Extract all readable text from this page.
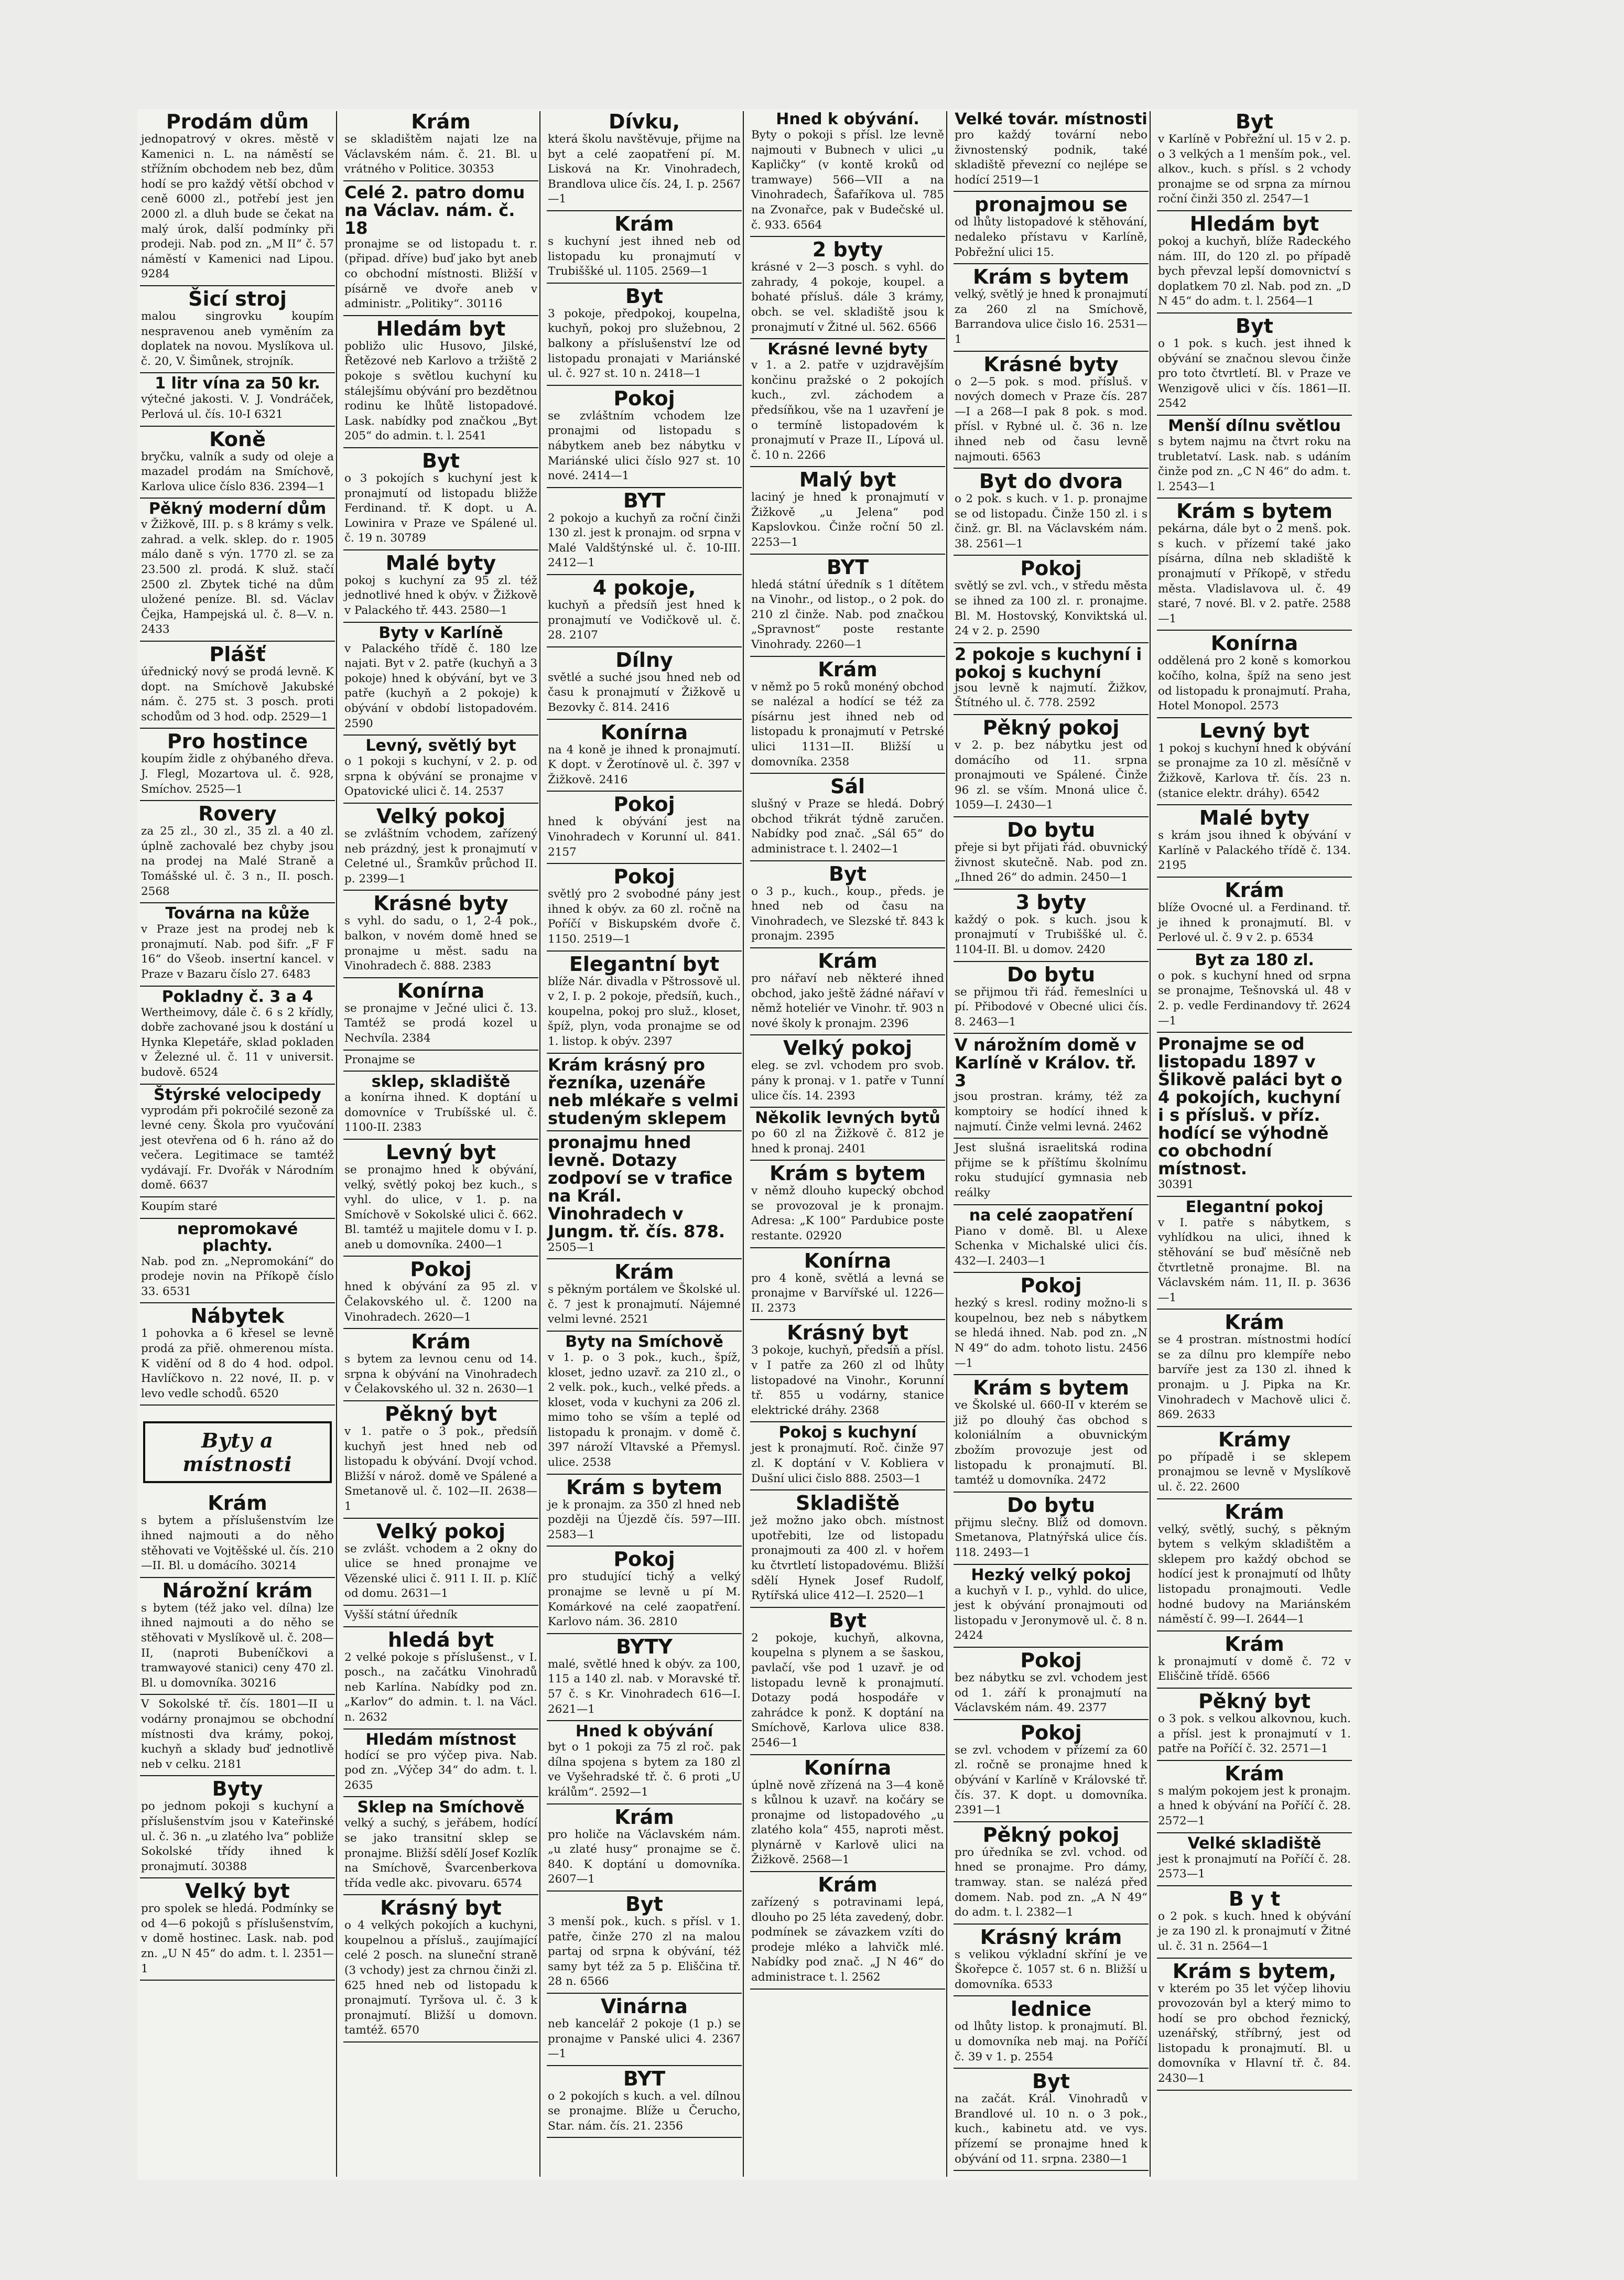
Prodám dům
jednopatrový v okres. městě v Kamenici n. L. na náměstí se střížním obchodem neb bez, dům hodí se pro každý větší obchod v ceně 6000 zl., potřebí jest jen 2000 zl. a dluh bude se čekat na malý úrok, další podmínky při prodeji. Nab. pod zn. „M II“ č. 57 náměstí v Kamenici nad Lipou. 9284
Šicí stroj
malou singrovku koupím nespravenou aneb vyměním za doplatek na novou. Myslíkova ul. č. 20, V. Šimůnek, strojník.
1 litr vína za 50 kr.
výtečné jakosti. V. J. Vondráček, Perlová ul. čís. 10-I 6321
Koně
bryčku, valník a sudy od oleje a mazadel prodám na Smíchově, Karlova ulice číslo 836. 2394—1
Pěkný moderní dům
v Žižkově, III. p. s 8 krámy s velk. zahrad. a velk. sklep. do r. 1905 málo daně s výn. 1770 zl. se za 23.500 zl. prodá. K služ. stačí 2500 zl. Zbytek tiché na dům uložené peníze. Bl. sd. Václav Čejka, Hampejská ul. č. 8—V. n. 2433
Plášť
úřednický nový se prodá levně. K dopt. na Smíchově Jakubské nám. č. 275 st. 3 posch. proti schodům od 3 hod. odp. 2529—1
Pro hostince
koupím židle z ohýbaného dřeva. J. Flegl, Mozartova ul. č. 928, Smíchov. 2525—1
Rovery
za 25 zl., 30 zl., 35 zl. a 40 zl. úplně zachovalé bez chyby jsou na prodej na Malé Straně a Tomášské ul. č. 3 n., II. posch. 2568
Továrna na kůže
v Praze jest na prodej neb k pronajmutí. Nab. pod šifr. „F F 16“ do Všeob. insertní kancel. v Praze v Bazaru číslo 27. 6483
Pokladny č. 3 a 4
Wertheimovy, dále č. 6 s 2 křídly, dobře zachované jsou k dostání u Hynka Klepetáře, sklad pokladen v Železné ul. č. 11 v universit. budově. 6524
Štýrské velocipedy
vyprodám při pokročilé sezoně za levné ceny. Škola pro vyučování jest otevřena od 6 h. ráno až do večera. Legitimace se tamtéž vydávají. Fr. Dvořák v Národním domě. 6637
Koupím staré
nepromokavé plachty.
Nab. pod zn. „Nepromokání“ do prodeje novin na Příkopě číslo 33. 6531
Nábytek
1 pohovka a 6 křesel se levně prodá za přiě. ohmerenou místa. K vidění od 8 do 4 hod. odpol. Havlíčkovo n. 22 nové, II. p. v levo vedle schodů. 6520
Byty a místnosti
Krám
s bytem a příslušenstvím lze ihned najmouti a do něho stěhovati ve Vojtěšské ul. čís. 210—II. Bl. u domácího. 30214
Nárožní krám
s bytem (též jako vel. dílna) lze ihned najmouti a do něho se stěhovati v Myslíkově ul. č. 208—II, (naproti Bubeníčkovi a tramwayové stanici) ceny 470 zl. Bl. u domovníka. 30216
V Sokolské tř. čís. 1801—II u vodárny pronajmou se obchodní místnosti dva krámy, pokoj, kuchyň a sklady buď jednotlivě neb v celku. 2181
Byty
po jednom pokoji s kuchyní a příslušenstvím jsou v Kateřinské ul. č. 36 n. „u zlatého lva“ pobliže Sokolské třídy ihned k pronajmutí. 30388
Velký byt
pro spolek se hledá. Podmínky se od 4—6 pokojů s příslušenstvím, v domě hostinec. Lask. nab. pod zn. „U N 45“ do adm. t. l. 2351—1
Krám
se skladištěm najati lze na Václavském nám. č. 21. Bl. u vrátného v Politice. 30353
Celé 2. patro domu na Václav. nám. č. 18
pronajme se od listopadu t. r. (připad. dříve) buď jako byt aneb co obchodní místnosti. Bližší v písárně ve dvoře aneb v administr. „Politiky“. 30116
Hledám byt
pobližo ulic Husovo, Jilské, Řetězové neb Karlovo a tržiště 2 pokoje s světlou kuchyní ku stálejšímu obývání pro bezdětnou rodinu ke lhůtě listopadové. Lask. nabídky pod značkou „Byt 205“ do admin. t. l. 2541
Byt
o 3 pokojích s kuchyní jest k pronajmutí od listopadu bližže Ferdinand. tř. K dopt. u A. Lowinira v Praze ve Spálené ul. č. 19 n. 30789
Malé byty
pokoj s kuchyní za 95 zl. též jednotlivé hned k obýv. v Žižkově v Palackého tř. 443. 2580—1
Byty v Karlíně
v Palackého třídě č. 180 lze najati. Byt v 2. patře (kuchyň a 3 pokoje) hned k obývání, byt ve 3 patře (kuchyň a 2 pokoje) k obývání v období listopadovém. 2590
Levný, světlý byt
o 1 pokoji s kuchyní, v 2. p. od srpna k obývání se pronajme v Opatovické ulici č. 14. 2537
Velký pokoj
se zvláštním vchodem, zařízený neb prázdný, jest k pronajmutí v Celetné ul., Šramkův průchod II. p. 2399—1
Krásné byty
s vyhl. do sadu, o 1, 2-4 pok., balkon, v novém domě hned se pronajme u měst. sadu na Vinohradech č. 888. 2383
Konírna
se pronajme v Ječné ulici č. 13. Tamtéž se prodá kozel u Nechvíla. 2384
Pronajme se
sklep, skladiště
a konírna ihned. K doptání u domovníce v Trubíšské ul. č. 1100-II. 2383
Levný byt
se pronajmo hned k obývání, velký, světlý pokoj bez kuch., s vyhl. do ulice, v 1. p. na Smíchově v Sokolské ulici č. 662. Bl. tamtéž u majitele domu v I. p. aneb u domovníka. 2400—1
Pokoj
hned k obývání za 95 zl. v Čelakovského ul. č. 1200 na Vinohradech. 2620—1
Krám
s bytem za levnou cenu od 14. srpna k obývání na Vinohradech v Čelakovského ul. 32 n. 2630—1
Pěkný byt
v 1. patře o 3 pok., předsíň kuchyň jest hned neb od listopadu k obývání. Dvojí vchod. Bližší v nárož. domě ve Spálené a Smetanově ul. č. 102—II. 2638—1
Velký pokoj
se zvlášt. vchodem a 2 okny do ulice se hned pronajme ve Vězenské ulici č. 911 I. II. p. Klíč od domu. 2631—1
Vyšší státní úředník
hledá byt
2 velké pokoje s příslušenst., v I. posch., na začátku Vinohradů neb Karlína. Nabídky pod zn. „Karlov“ do admin. t. l. na Václ. n. 2632
Hledám místnost
hodící se pro výčep piva. Nab. pod zn. „Výčep 34“ do adm. t. l. 2635
Sklep na Smíchově
velký a suchý, s jeřábem, hodící se jako transitní sklep se pronajme. Bližší sdělí Josef Kozlík na Smíchově, Švarcenberkova třída vedle akc. pivovaru. 6574
Krásný byt
o 4 velkých pokojích a kuchyni, koupelnou a přísluš., zaujímající celé 2 posch. na sluneční straně (3 vchody) jest za chrnou činži zl. 625 hned neb od listopadu k pronajmutí. Tyršova ul. č. 3 k pronajmutí. Bližší u domovn. tamtéž. 6570
Dívku,
která školu navštěvuje, přijme na byt a celé zaopatření pí. M. Lisková na Kr. Vinohradech, Brandlova ulice čís. 24, I. p. 2567—1
Krám
s kuchyní jest ihned neb od listopadu ku pronajmutí v Trubiššké ul. 1105. 2569—1
Byt
3 pokoje, předpokoj, koupelna, kuchyň, pokoj pro služebnou, 2 balkony a příslušenství lze od listopadu pronajati v Mariánské ul. č. 927 st. 10 n. 2418—1
Pokoj
se zvláštním vchodem lze pronajmi od listopadu s nábytkem aneb bez nábytku v Mariánské ulici číslo 927 st. 10 nové. 2414—1
BYT
2 pokojo a kuchyň za roční činži 130 zl. jest k pronajm. od srpna v Malé Valdštýnské ul. č. 10-III. 2412—1
4 pokoje,
kuchyň a předsíň jest hned k pronajmutí ve Vodičkově ul. č. 28. 2107
Dílny
světlé a suché jsou hned neb od času k pronajmutí v Žižkově u Bezovky č. 814. 2416
Konírna
na 4 koně je ihned k pronajmutí. K dopt. v Žerotínově ul. č. 397 v Žižkově. 2416
Pokoj
hned k obývání jest na Vinohradech v Korunní ul. 841. 2157
Pokoj
světlý pro 2 svobodné pány jest ihned k obýv. za 60 zl. ročně na Poříčí v Biskupském dvoře č. 1150. 2519—1
Elegantní byt
blíže Nár. divadla v Pštrossově ul. v 2, I. p. 2 pokoje, předsíň, kuch., koupelna, pokoj pro služ., kloset, špíž, plyn, voda pronajme se od 1. listop. k obýv. 2397
Krám krásný pro řezníka, uzenáře neb mlékaře s velmi studeným sklepem
pronajmu hned levně. Dotazy zodpoví se v trafice na Král. Vinohradech v Jungm. tř. čís. 878.
2505—1
Krám
s pěkným portálem ve Školské ul. č. 7 jest k pronajmutí. Nájemné velmi levné. 2521
Byty na Smíchově
v 1. p. o 3 pok., kuch., špíž, kloset, jedno uzavř. za 210 zl., o 2 velk. pok., kuch., velké předs. a kloset, voda v kuchyni za 206 zl. mimo toho se vším a teplé od listopadu k pronajm. v domě č. 397 nároží Vltavské a Přemysl. ulice. 2538
Krám s bytem
je k pronajm. za 350 zl hned neb později na Újezdě čís. 597—III. 2583—1
Pokoj
pro studující tichý a velký pronajme se levně u pí M. Komárkové na celé zaopatření. Karlovo nám. 36. 2810
BYTY
malé, světlé hned k obýv. za 100, 115 a 140 zl. nab. v Moravské tř. 57 č. s Kr. Vinohradech 616—I. 2621—1
Hned k obývání
byt o 1 pokoji za 75 zl roč. pak dílna spojena s bytem za 180 zl ve Vyšehradské tř. č. 6 proti „U králům“. 2592—1
Krám
pro holiče na Václavském nám. „u zlaté husy“ pronajme se č. 840. K doptání u domovníka. 2607—1
Byt
3 menší pok., kuch. s přísl. v 1. patře, činže 270 zl na malou partaj od srpna k obývání, též samy byt též za 5 p. Eliščina tř. 28 n. 6566
Vinárna
neb kancelář 2 pokoje (1 p.) se pronajme v Panské ulici 4. 2367—1
BYT
o 2 pokojích s kuch. a vel. dílnou se pronajme. Blíže u Čerucho, Star. nám. čís. 21. 2356
Hned k obývání.
Byty o pokoji s přísl. lze levně najmouti v Bubnech v ulici „u Kapličky“ (v kontě kroků od tramwaye) 566—VII a na Vinohradech, Šafaříkova ul. 785 na Zvonařce, pak v Budečské ul. č. 933. 6564
2 byty
krásné v 2—3 posch. s vyhl. do zahrady, 4 pokoje, koupel. a bohaté přísluš. dále 3 krámy, obch. se vel. skladiště jsou k pronajmutí v Žitné ul. 562. 6566
Krásné levné byty
v 1. a 2. patře v uzjdravějším končinu pražské o 2 pokojích kuch., zvl. záchodem a předsíňkou, vše na 1 uzavření je o termíně listopadovém k pronajmutí v Praze II., Lípová ul. č. 10 n. 2266
Malý byt
laciný je hned k pronajmutí v Žižkově „u Jelena“ pod Kapslovkou. Činže roční 50 zl. 2253—1
BYT
hledá státní úředník s 1 dítětem na Vinohr., od listop., o 2 pok. do 210 zl činže. Nab. pod značkou „Spravnost“ poste restante Vinohrady. 2260—1
Krám
v němž po 5 roků monéný obchod se nalézal a hodící se též za písárnu jest ihned neb od listopadu k pronajmutí v Petrské ulici 1131—II. Bližší u domovníka. 2358
Sál
slušný v Praze se hledá. Dobrý obchod třikrát týdně zaručen. Nabídky pod znač. „Sál 65“ do administrace t. l. 2402—1
Byt
o 3 p., kuch., koup., předs. je hned neb od času na Vinohradech, ve Slezské tř. 843 k pronajm. 2395
Krám
pro nářaví neb některé ihned obchod, jako ještě žádné nářaví v němž hoteliér ve Vinohr. tř. 903 n nové školy k pronajm. 2396
Velký pokoj
eleg. se zvl. vchodem pro svob. pány k pronaj. v 1. patře v Tunní ulice čís. 14. 2393
Několik levných bytů
po 60 zl na Žižkově č. 812 je hned k pronaj. 2401
Krám s bytem
v němž dlouho kupecký obchod se provozoval je k pronajm. Adresa: „K 100“ Pardubice poste restante. 02920
Konírna
pro 4 koně, světlá a levná se pronajme v Barvířské ul. 1226—II. 2373
Krásný byt
3 pokoje, kuchyň, předsíň a přísl. v I patře za 260 zl od lhůty listopadové na Vinohr., Korunní tř. 855 u vodárny, stanice elektrické dráhy. 2368
Pokoj s kuchyní
jest k pronajmutí. Roč. činže 97 zl. K doptání v V. Kobliera v Dušní ulici čislo 888. 2503—1
Skladiště
jež možno jako obch. místnost upotřebiti, lze od listopadu pronajmouti za 400 zl. v hořem ku čtvrtletí listopadovému. Bližší sdělí Hynek Josef Rudolf, Rytířská ulice 412—I. 2520—1
Byt
2 pokoje, kuchyň, alkovna, koupelna s plynem a se šaskou, pavlačí, vše pod 1 uzavř. je od listopadu levně k pronajmutí. Dotazy podá hospodáře v zahrádce k ponž. K doptání na Smíchově, Karlova ulice 838. 2546—1
Konírna
úplně nově zřízená na 3—4 koně s kůlnou k uzavř. na kočáry se pronajme od listopadového „u zlatého kola“ 455, naproti měst. plynárně v Karlově ulici na Žižkově. 2568—1
Krám
zařízený s potravinami lepá, dlouho po 25 léta zavedený, dobr. podmínek se závazkem vzíti do prodeje mléko a lahvičk mlé. Nabídky pod znač. „J N 46“ do administrace t. l. 2562
Velké továr. místnosti
pro každý tovární nebo živnostenský podnik, také skladiště převezní co nejlépe se hodící 2519—1
pronajmou se
od lhůty listopadové k stěhování, nedaleko přístavu v Karlíně, Pobřežní ulici 15.
Krám s bytem
velký, světlý je hned k pronajmutí za 260 zl na Smíchově, Barrandova ulice čislo 16. 2531—1
Krásné byty
o 2—5 pok. s mod. přísluš. v nových domech v Praze čís. 287—I a 268—I pak 8 pok. s mod. přísl. v Rybné ul. č. 36 n. lze ihned neb od času levně najmouti. 6563
Byt do dvora
o 2 pok. s kuch. v 1. p. pronajme se od listopadu. Činže 150 zl. i s činž. gr. Bl. na Václavském nám. 38. 2561—1
Pokoj
světlý se zvl. vch., v středu města se ihned za 100 zl. r. pronajme. Bl. M. Hostovský, Konviktská ul. 24 v 2. p. 2590
2 pokoje s kuchyní i pokoj s kuchyní
jsou levně k najmutí. Žižkov, Štítného ul. č. 778. 2592
Pěkný pokoj
v 2. p. bez nábytku jest od domácího od 11. srpna pronajmouti ve Spálené. Činže 96 zl. se vším. Mnoná ulice č. 1059—I. 2430—1
Do bytu
přeje si byt přijati řád. obuvnický živnost skutečně. Nab. pod zn. „Ihned 26“ do admin. 2450—1
3 byty
každý o pok. s kuch. jsou k pronajmutí v Trubiššké ul. č. 1104-II. Bl. u domov. 2420
Do bytu
se přijmou tři řád. řemeslníci u pí. Přibodové v Obecné ulici čís. 8. 2463—1
V nárožním domě v Karlíně v Králov. tř. 3
jsou prostran. krámy, též za komptoiry se hodící ihned k najmutí. Činže velmi levná. 2462
Jest slušná israelitská rodina přijme se k příštímu školnímu roku studující gymnasia neb reálky
na celé zaopatření
Piano v domě. Bl. u Alexe Schenka v Michalské ulici čís. 432—I. 2403—1
Pokoj
hezký s kresl. rodiny možno-li s koupelnou, bez neb s nábytkem se hledá ihned. Nab. pod zn. „N N 49“ do adm. tohoto listu. 2456—1
Krám s bytem
ve Školské ul. 660-II v kterém se již po dlouhý čas obchod s koloniálním a obuvnickým zbožím provozuje jest od listopadu k pronajmutí. Bl. tamtéž u domovníka. 2472
Do bytu
přijmu slečny. Blíž od domovn. Smetanova, Platnýřská ulice čís. 118. 2493—1
Hezký velký pokoj
a kuchyň v I. p., vyhld. do ulice, jest k obývání pronajmouti od listopadu v Jeronymově ul. č. 8 n. 2424
Pokoj
bez nábytku se zvl. vchodem jest od 1. září k pronajmutí na Václavském nám. 49. 2377
Pokoj
se zvl. vchodem v přízemí za 60 zl. ročně se pronajme hned k obývání v Karlíně v Královské tř. čís. 37. K dopt. u domovníka. 2391—1
Pěkný pokoj
pro úředníka se zvl. vchod. od hned se pronajme. Pro dámy, tramway. stan. se nalézá před domem. Nab. pod zn. „A N 49“ do adm. t. l. 2382—1
Krásný krám
s velikou výkladní skříní je ve Škořepce č. 1057 st. 6 n. Bližší u domovníka. 6533
lednice
od lhůty listop. k pronajmutí. Bl. u domovníka neb maj. na Poříčí č. 39 v 1. p. 2554
Byt
na začát. Král. Vinohradů v Brandlové ul. 10 n. o 3 pok., kuch., kabinetu atd. ve vys. přízemí se pronajme hned k obývání od 11. srpna. 2380—1
Byt
v Karlíně v Pobřežní ul. 15 v 2. p. o 3 velkých a 1 menším pok., vel. alkov., kuch. s přísl. s 2 vchody pronajme se od srpna za mírnou roční činži 350 zl. 2547—1
Hledám byt
pokoj a kuchyň, blíže Radeckého nám. III, do 120 zl. po případě bych převzal lepší domovnictví s doplatkem 70 zl. Nab. pod zn. „D N 45“ do adm. t. l. 2564—1
Byt
o 1 pok. s kuch. jest ihned k obývání se značnou slevou činže pro toto čtvrtletí. Bl. v Praze ve Wenzigově ulici v čís. 1861—II. 2542
Menší dílnu světlou
s bytem najmu na čtvrt roku na trubletatví. Lask. nab. s udáním činže pod zn. „C N 46“ do adm. t. l. 2543—1
Krám s bytem
pekárna, dále byt o 2 menš. pok. s kuch. v přízemí také jako písárna, dílna neb skladiště k pronajmutí v Příkopě, v středu města. Vladislavova ul. č. 49 staré, 7 nové. Bl. v 2. patře. 2588—1
Konírna
oddělená pro 2 koně s komorkou kočího, kolna, špíž na seno jest od listopadu k pronajmutí. Praha, Hotel Monopol. 2573
Levný byt
1 pokoj s kuchyní hned k obývání se pronajme za 10 zl. měsíčně v Žižkově, Karlova tř. čís. 23 n. (stanice elektr. dráhy). 6542
Malé byty
s krám jsou ihned k obývání v Karlíně v Palackého třídě č. 134. 2195
Krám
blíže Ovocné ul. a Ferdinand. tř. je ihned k pronajmutí. Bl. v Perlové ul. č. 9 v 2. p. 6534
Byt za 180 zl.
o pok. s kuchyní hned od srpna se pronajme, Tešnovská ul. 48 v 2. p. vedle Ferdinandovy tř. 2624—1
Pronajme se od listopadu 1897 v Šlikově paláci byt o 4 pokojích, kuchyní i s přísluš. v příz. hodící se výhodně co obchodní místnost.
30391
Elegantní pokoj
v I. patře s nábytkem, s vyhlídkou na ulici, ihned k stěhování se buď měsíčně neb čtvrtletně pronajme. Bl. na Václavském nám. 11, II. p. 3636—1
Krám
se 4 prostran. místnostmi hodící se za dílnu pro klempíře nebo barvíře jest za 130 zl. ihned k pronajm. u J. Pipka na Kr. Vinohradech v Machově ulici č. 869. 2633
Krámy
po případě i se sklepem pronajmou se levně v Myslíkově ul. č. 22. 2600
Krám
velký, světlý, suchý, s pěkným bytem s velkým skladištěm a sklepem pro každý obchod se hodící jest k pronajmutí od lhůty listopadu pronajmouti. Vedle hodné budovy na Mariánském náměstí č. 99—I. 2644—1
Krám
k pronajmutí v domě č. 72 v Eliščině třídě. 6566
Pěkný byt
o 3 pok. s velkou alkovnou, kuch. a přísl. jest k pronajmutí v 1. patře na Poříčí č. 32. 2571—1
Krám
s malým pokojem jest k pronajm. a hned k obývání na Poříčí č. 28. 2572—1
Velké skladiště
jest k pronajmutí na Poříčí č. 28. 2573—1
B y t
o 2 pok. s kuch. hned k obývání je za 190 zl. k pronajmutí v Žitné ul. č. 31 n. 2564—1
Krám s bytem,
v kterém po 35 let výčep lihoviu provozován byl a který mimo to hodí se pro obchod řeznický, uzenářský, stříbrný, jest od listopadu k pronajmutí. Bl. u domovníka v Hlavní tř. č. 84. 2430—1
